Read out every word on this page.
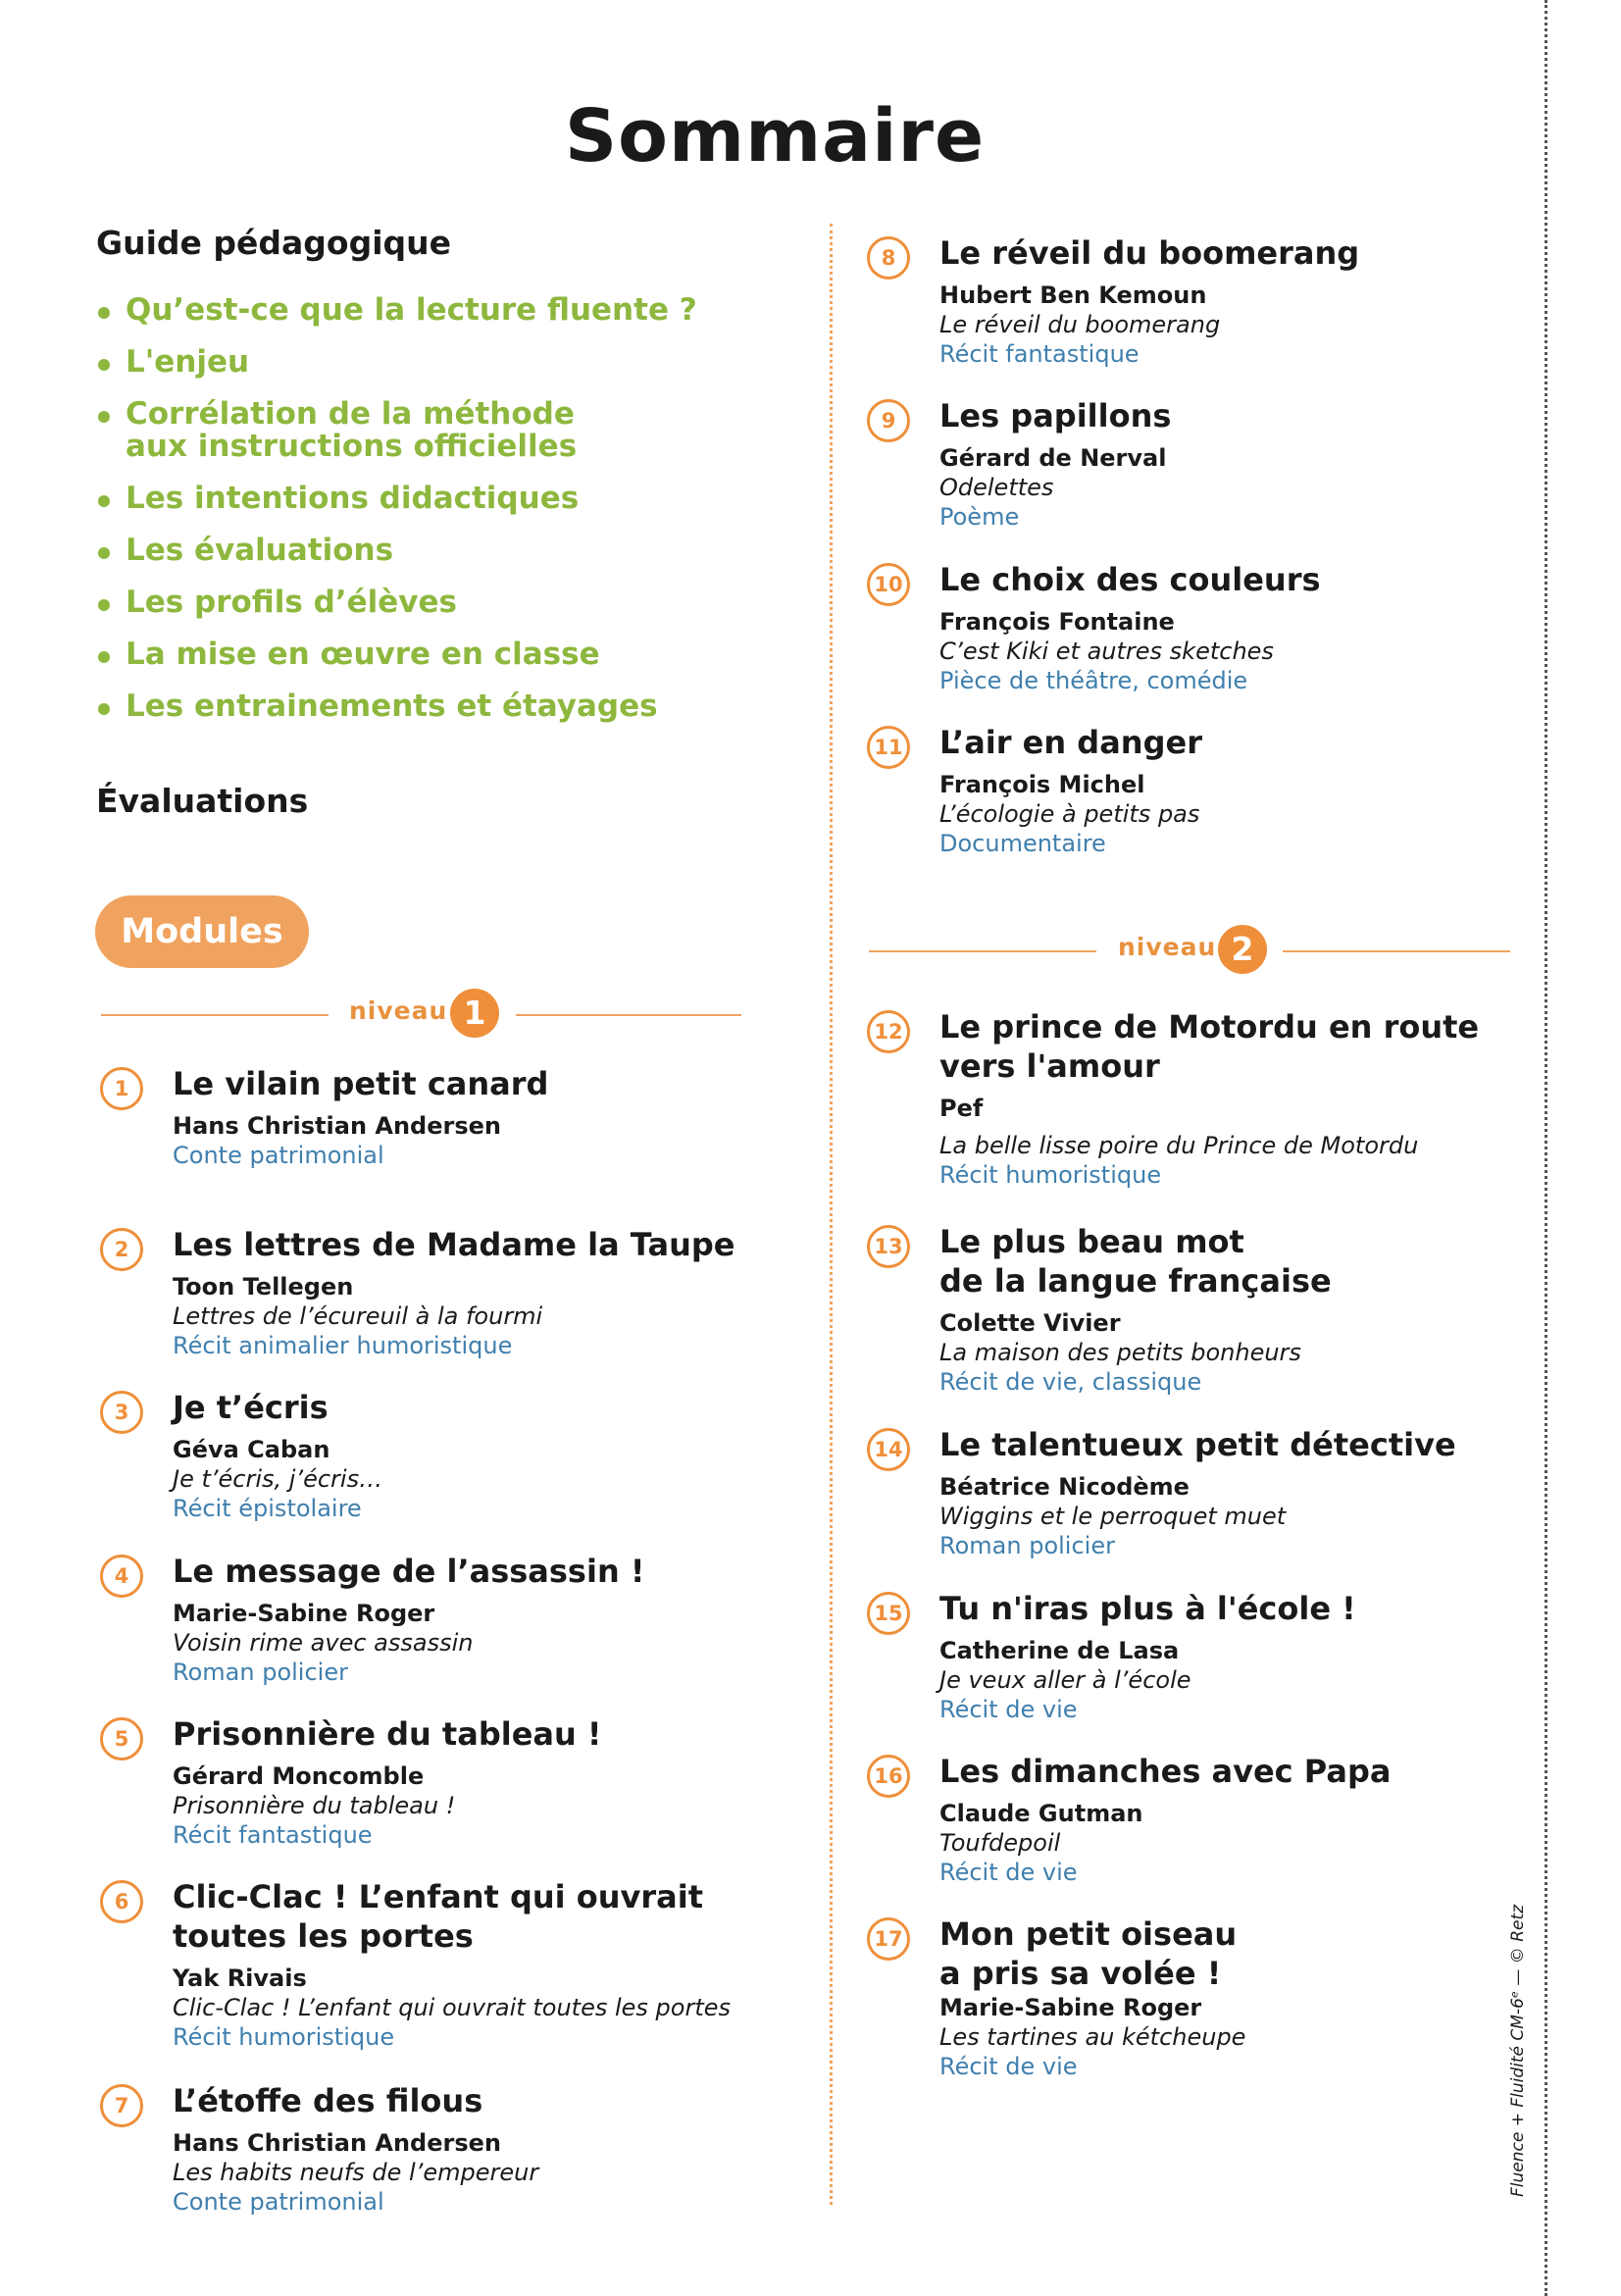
Sommaire
Guide pédagogique
Qu’est-ce que la lecture fluente ?
L'enjeu
Corrélation de la méthode
aux instructions officielles
Les intentions didactiques
Les évaluations
Les profils d’élèves
La mise en œuvre en classe
Les entrainements et étayages
Évaluations
Modules
niveau 1
niveau 2
1	Le vilain petit canard
Hans Christian Andersen
Conte patrimonial
2	Les lettres de Madame la Taupe
Toon Tellegen
Lettres de l’écureuil à la fourmi
Récit animalier humoristique
3	Je t’écris
Géva Caban
Je t’écris, j’écris…
Récit épistolaire
4	Le message de l’assassin !
Marie-Sabine Roger
Voisin rime avec assassin
Roman policier
5	Prisonnière du tableau !
Gérard Moncomble
Prisonnière du tableau !
Récit fantastique
6	Clic-Clac ! L’enfant qui ouvrait
toutes les portes
Yak Rivais
Clic-Clac ! L’enfant qui ouvrait toutes les portes
Récit humoristique
7	L’étoffe des filous
Hans Christian Andersen
Les habits neufs de l’empereur
Conte patrimonial
8	Le réveil du boomerang
Hubert Ben Kemoun
Le réveil du boomerang
Récit fantastique
9	Les papillons
Gérard de Nerval
Odelettes
Poème
10 Le choix des couleurs
François Fontaine
C’est Kiki et autres sketches
Pièce de théâtre, comédie
11 L’air en danger
François Michel
L’écologie à petits pas
Documentaire
12 Le prince de Motordu en route
vers l'amour
Pef
La belle lisse poire du Prince de Motordu
Récit humoristique
13 Le plus beau mot
de la langue française
Colette Vivier
La maison des petits bonheurs
Récit de vie, classique
14 Le talentueux petit détective
Béatrice Nicodème
Wiggins et le perroquet muet
Roman policier
15 Tu n'iras plus à l'école !
Catherine de Lasa
Je veux aller à l’école
Récit de vie
16 Les dimanches avec Papa
Claude Gutman
Toufdepoil
Récit de vie
17 Mon petit oiseau
a pris sa volée !
Marie-Sabine Roger
Les tartines au kétcheupe
Récit de vie	Fluence + Fluidité CM-6ᵉ — © Retz
